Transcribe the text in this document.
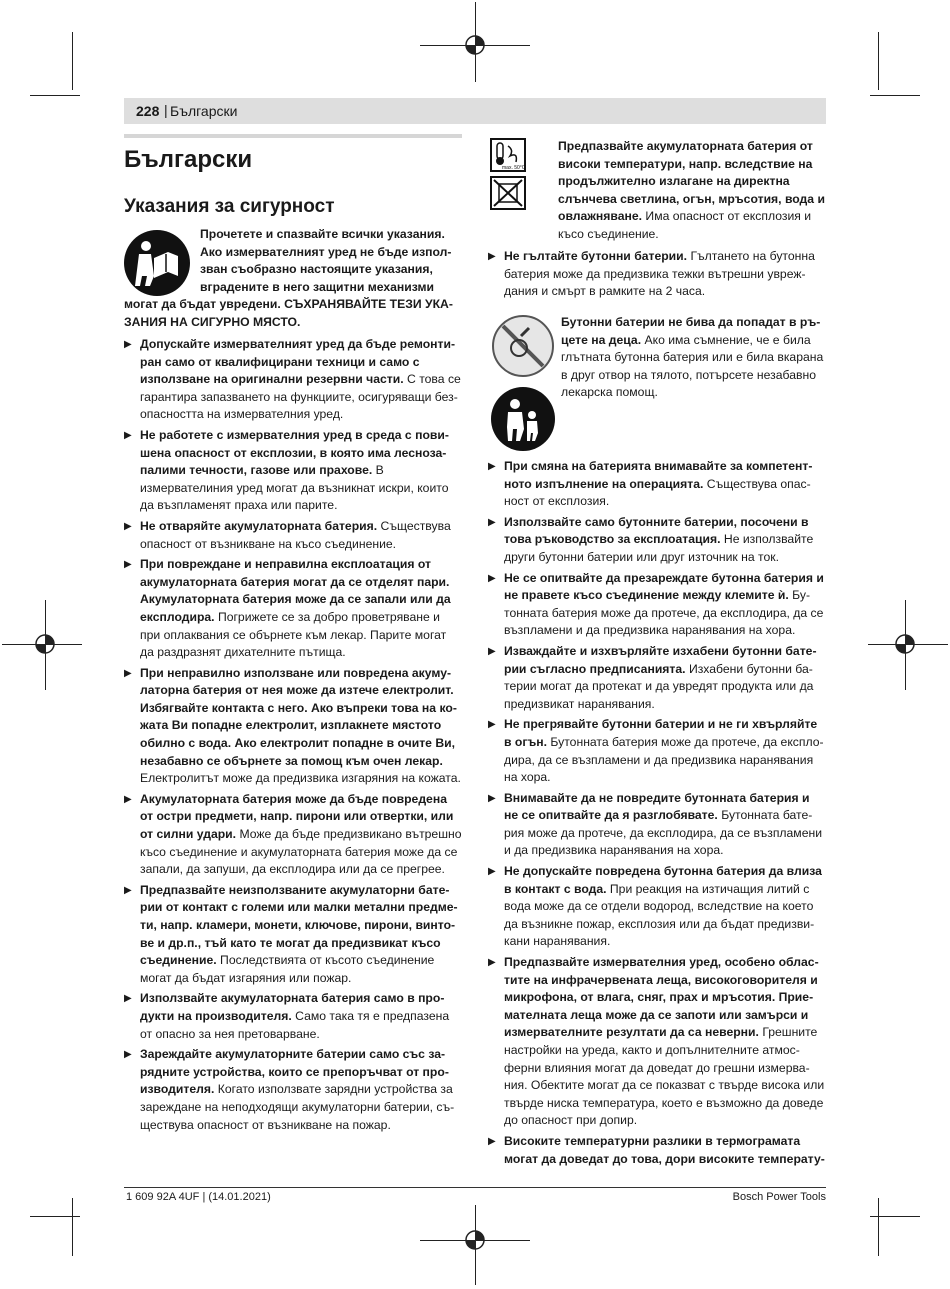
228 | Български
Български
Указания за сигурност
Прочетете и спазвайте всички указания.
Ако измервателният уред не бъде изпол-
зван съобразно настоящите указания,
вградените в него защитни механизми
могат да бъдат увредени. СЪХРАНЯВАЙТЕ ТЕЗИ УКА-
ЗАНИЯ НА СИГУРНО МЯСТО.
▶ Допускайте измервателният уред да бъде ремонтиран само от квалифицирани техници и само с използване на оригинални резервни части. С това се гарантира запазването на функциите, осигуряващи безопасността на измервателния уред.
▶ Не работете с измервателния уред в среда с повишена опасност от експлозии, в която има леснозапалими течности, газове или прахове. В измервателиния уред могат да възникнат искри, които да възпламенят праха или парите.
▶ Не отваряйте акумулаторната батерия. Съществува опасност от възникване на късо съединение.
▶ При повреждане и неправилна експлоатация от акумулаторната батерия могат да се отделят пари. Акумулаторната батерия може да се запали или да експлодира. Погрижете се за добро проветряване и при оплаквания се обърнете към лекар. Парите могат да раздразнят дихателните пътища.
▶ При неправилно използване или повредена акумулаторна батерия от нея може да изтече електролит. Избягвайте контакта с него. Ако въпреки това на кожата Ви попадне електролит, изплакнете мястото обилно с вода. Ако електролит попадне в очите Ви, незабавно се обърнете за помощ към очен лекар. Електролитът може да предизвика изгаряния на кожата.
▶ Акумулаторната батерия може да бъде повредена от остри предмети, напр. пирони или отвертки, или от силни удари. Може да бъде предизвикано вътрешно късо съединение и акумулаторната батерия може да се запали, да запуши, да експлодира или да се прегрее.
▶ Предпазвайте неизползваните акумулаторни батерии от контакт с големи или малки метални предмети, напр. кламери, монети, ключове, пирони, винтове и др.п., тъй като те могат да предизвикат късо съединение. Последствията от късото съединение могат да бъдат изгаряния или пожар.
▶ Използвайте акумулаторната батерия само в продукти на производителя. Само така тя е предпазена от опасно за нея претоварване.
▶ Зареждайте акумулаторните батерии само със зарядните устройства, които се препоръчват от производителя. Когато използвате зарядни устройства за зареждане на неподходящи акумулаторни батерии, съществува опасност от възникване на пожар.
max. 50°C
Предпазвайте акумулаторната батерия от високи температури, напр. вследствие на продължително излагане на директна слънчева светлина, огън, мръсотия, вода и овлажняване. Има опасност от експлозия и късо съединение.
▶ Не гълтайте бутонни батерии. Гълтането на бутонна батерия може да предизвика тежки вътрешни увреждания и смърт в рамките на 2 часа.
Бутонни батерии не бива да попадат в ръцете на деца. Ако има съмнение, че е била глътната бутонна батерия или е била вкарана в друг отвор на тялото, потърсете незабавно лекарска помощ.
▶ При смяна на батерията внимавайте за компетентното изпълнение на операцията. Съществува опасност от експлозия.
▶ Използвайте само бутонните батерии, посочени в това ръководство за експлоатация. Не използвайте други бутонни батерии или друг източник на ток.
▶ Не се опитвайте да презареждате бутонна батерия и не правете късо съединение между клемите ѝ. Бутонната батерия може да протече, да експлодира, да се възпламени и да предизвика наранявания на хора.
▶ Изваждайте и изхвърляйте изхабени бутонни батерии съгласно предписанията. Изхабени бутонни батерии могат да протекат и да увредят продукта или да предизвикат наранявания.
▶ Не прегрявайте бутонни батерии и не ги хвърляйте в огън. Бутонната батерия може да протече, да експлодира, да се възпламени и да предизвика наранявания на хора.
▶ Внимавайте да не повредите бутонната батерия и не се опитвайте да я разглобявате. Бутонната батерия може да протече, да експлодира, да се възпламени и да предизвика наранявания на хора.
▶ Не допускайте повредена бутонна батерия да влиза в контакт с вода. При реакция на изтичащия литий с вода може да се отдели водород, вследствие на което да възникне пожар, експлозия или да бъдат предизвикани наранявания.
▶ Предпазвайте измервателния уред, особено областите на инфрачервената леща, високоговорителя и микрофона, от влага, сняг, прах и мръсотия. Приемателната леща може да се запоти или замърси и измервателните резултати да са неверни. Грешните настройки на уреда, както и допълнителните атмосферни влияния могат да доведат до грешни измервания. Обектите могат да се показват с твърде висока или твърде ниска температура, което е възможно да доведе до опасност при допир.
▶ Високите температурни разлики в термограмата могат да доведат до това, дори високите температу-
1 609 92A 4UF | (14.01.2021)	Bosch Power Tools
